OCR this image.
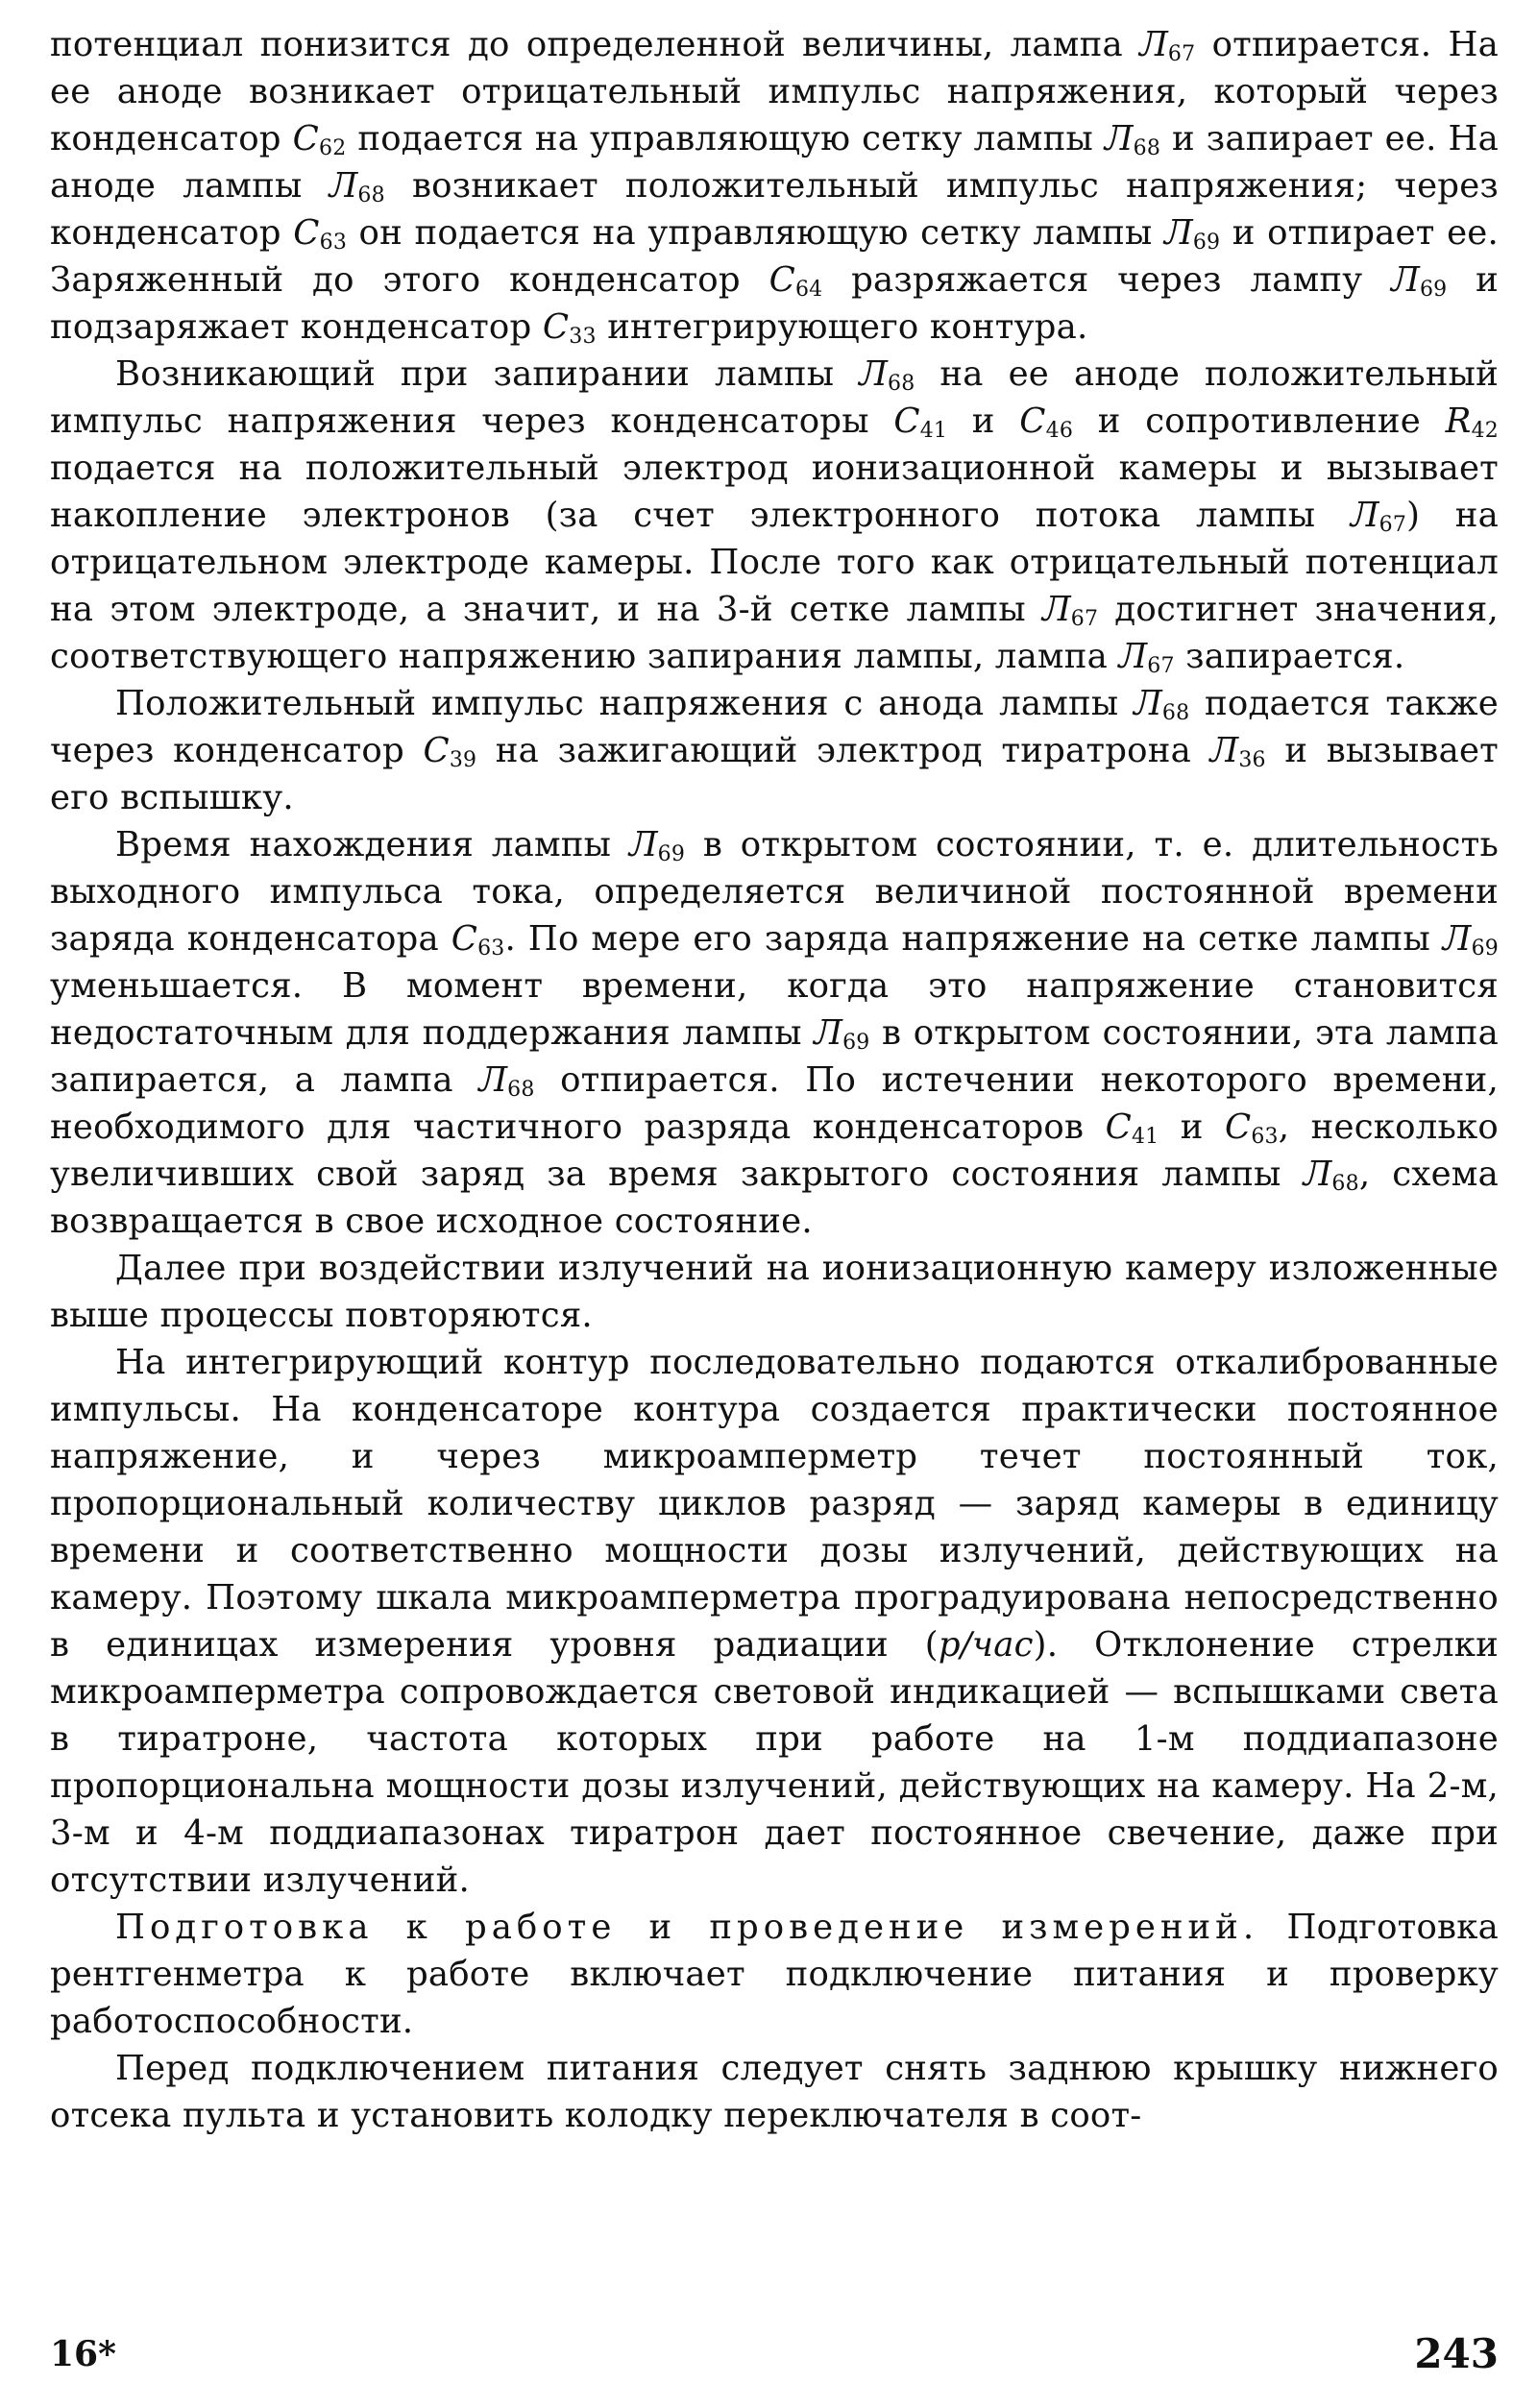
потенциал понизится до определенной величины, лампа $Л_{67}$ отпирается. На ее аноде возникает отрицательный импульс напряжения, который через конденсатор $С_{62}$ подается на управляющую сетку лампы $Л_{68}$ и запирает ее. На аноде лампы $Л_{68}$ возникает положительный импульс напряжения; через конденсатор $С_{63}$ он подается на управляющую сетку лампы $Л_{69}$ и отпирает ее. Заряженный до этого конденсатор $С_{64}$ разряжается через лампу $Л_{69}$ и подзаряжает конденсатор $С_{33}$ интегрирующего контура.

Возникающий при запирании лампы $Л_{68}$ на ее аноде положительный импульс напряжения через конденсаторы $С_{41}$ и $С_{46}$ и сопротивление $R_{42}$ подается на положительный электрод ионизационной камеры и вызывает накопление электронов (за счет электронного потока лампы $Л_{67}$) на отрицательном электроде камеры. После того как отрицательный потенциал на этом электроде, а значит, и на 3-й сетке лампы $Л_{67}$ достигнет значения, соответствующего напряжению запирания лампы, лампа $Л_{67}$ запирается.

Положительный импульс напряжения с анода лампы $Л_{68}$ подается также через конденсатор $С_{39}$ на зажигающий электрод тиратрона $Л_{36}$ и вызывает его вспышку.

Время нахождения лампы $Л_{69}$ в открытом состоянии, т. е. длительность выходного импульса тока, определяется величиной постоянной времени заряда конденсатора $С_{63}$. По мере его заряда напряжение на сетке лампы $Л_{69}$ уменьшается. В момент времени, когда это напряжение становится недостаточным для поддержания лампы $Л_{69}$ в открытом состоянии, эта лампа запирается, а лампа $Л_{68}$ отпирается. По истечении некоторого времени, необходимого для частичного разряда конденсаторов $С_{41}$ и $С_{63}$, несколько увеличивших свой заряд за время закрытого состояния лампы $Л_{68}$, схема возвращается в свое исходное состояние.

Далее при воздействии излучений на ионизационную камеру изложенные выше процессы повторяются.

На интегрирующий контур последовательно подаются откалиброванные импульсы. На конденсаторе контура создается практически постоянное напряжение, и через микроамперметр течет постоянный ток, пропорциональный количеству циклов разряд — заряд камеры в единицу времени и соответственно мощности дозы излучений, действующих на камеру. Поэтому шкала микроамперметра проградуирована непосредственно в единицах измерения уровня радиации (р/час). Отклонение стрелки микроамперметра сопровождается световой индикацией — вспышками света в тиратроне, частота которых при работе на 1-м поддиапазоне пропорциональна мощности дозы излучений, действующих на камеру. На 2-м, 3-м и 4-м поддиапазонах тиратрон дает постоянное свечение, даже при отсутствии излучений.

Подготовка к работе и проведение измерений. Подготовка рентгенметра к работе включает подключение питания и проверку работоспособности.

Перед подключением питания следует снять заднюю крышку нижнего отсека пульта и установить колодку переключателя в соот-

16*	243
